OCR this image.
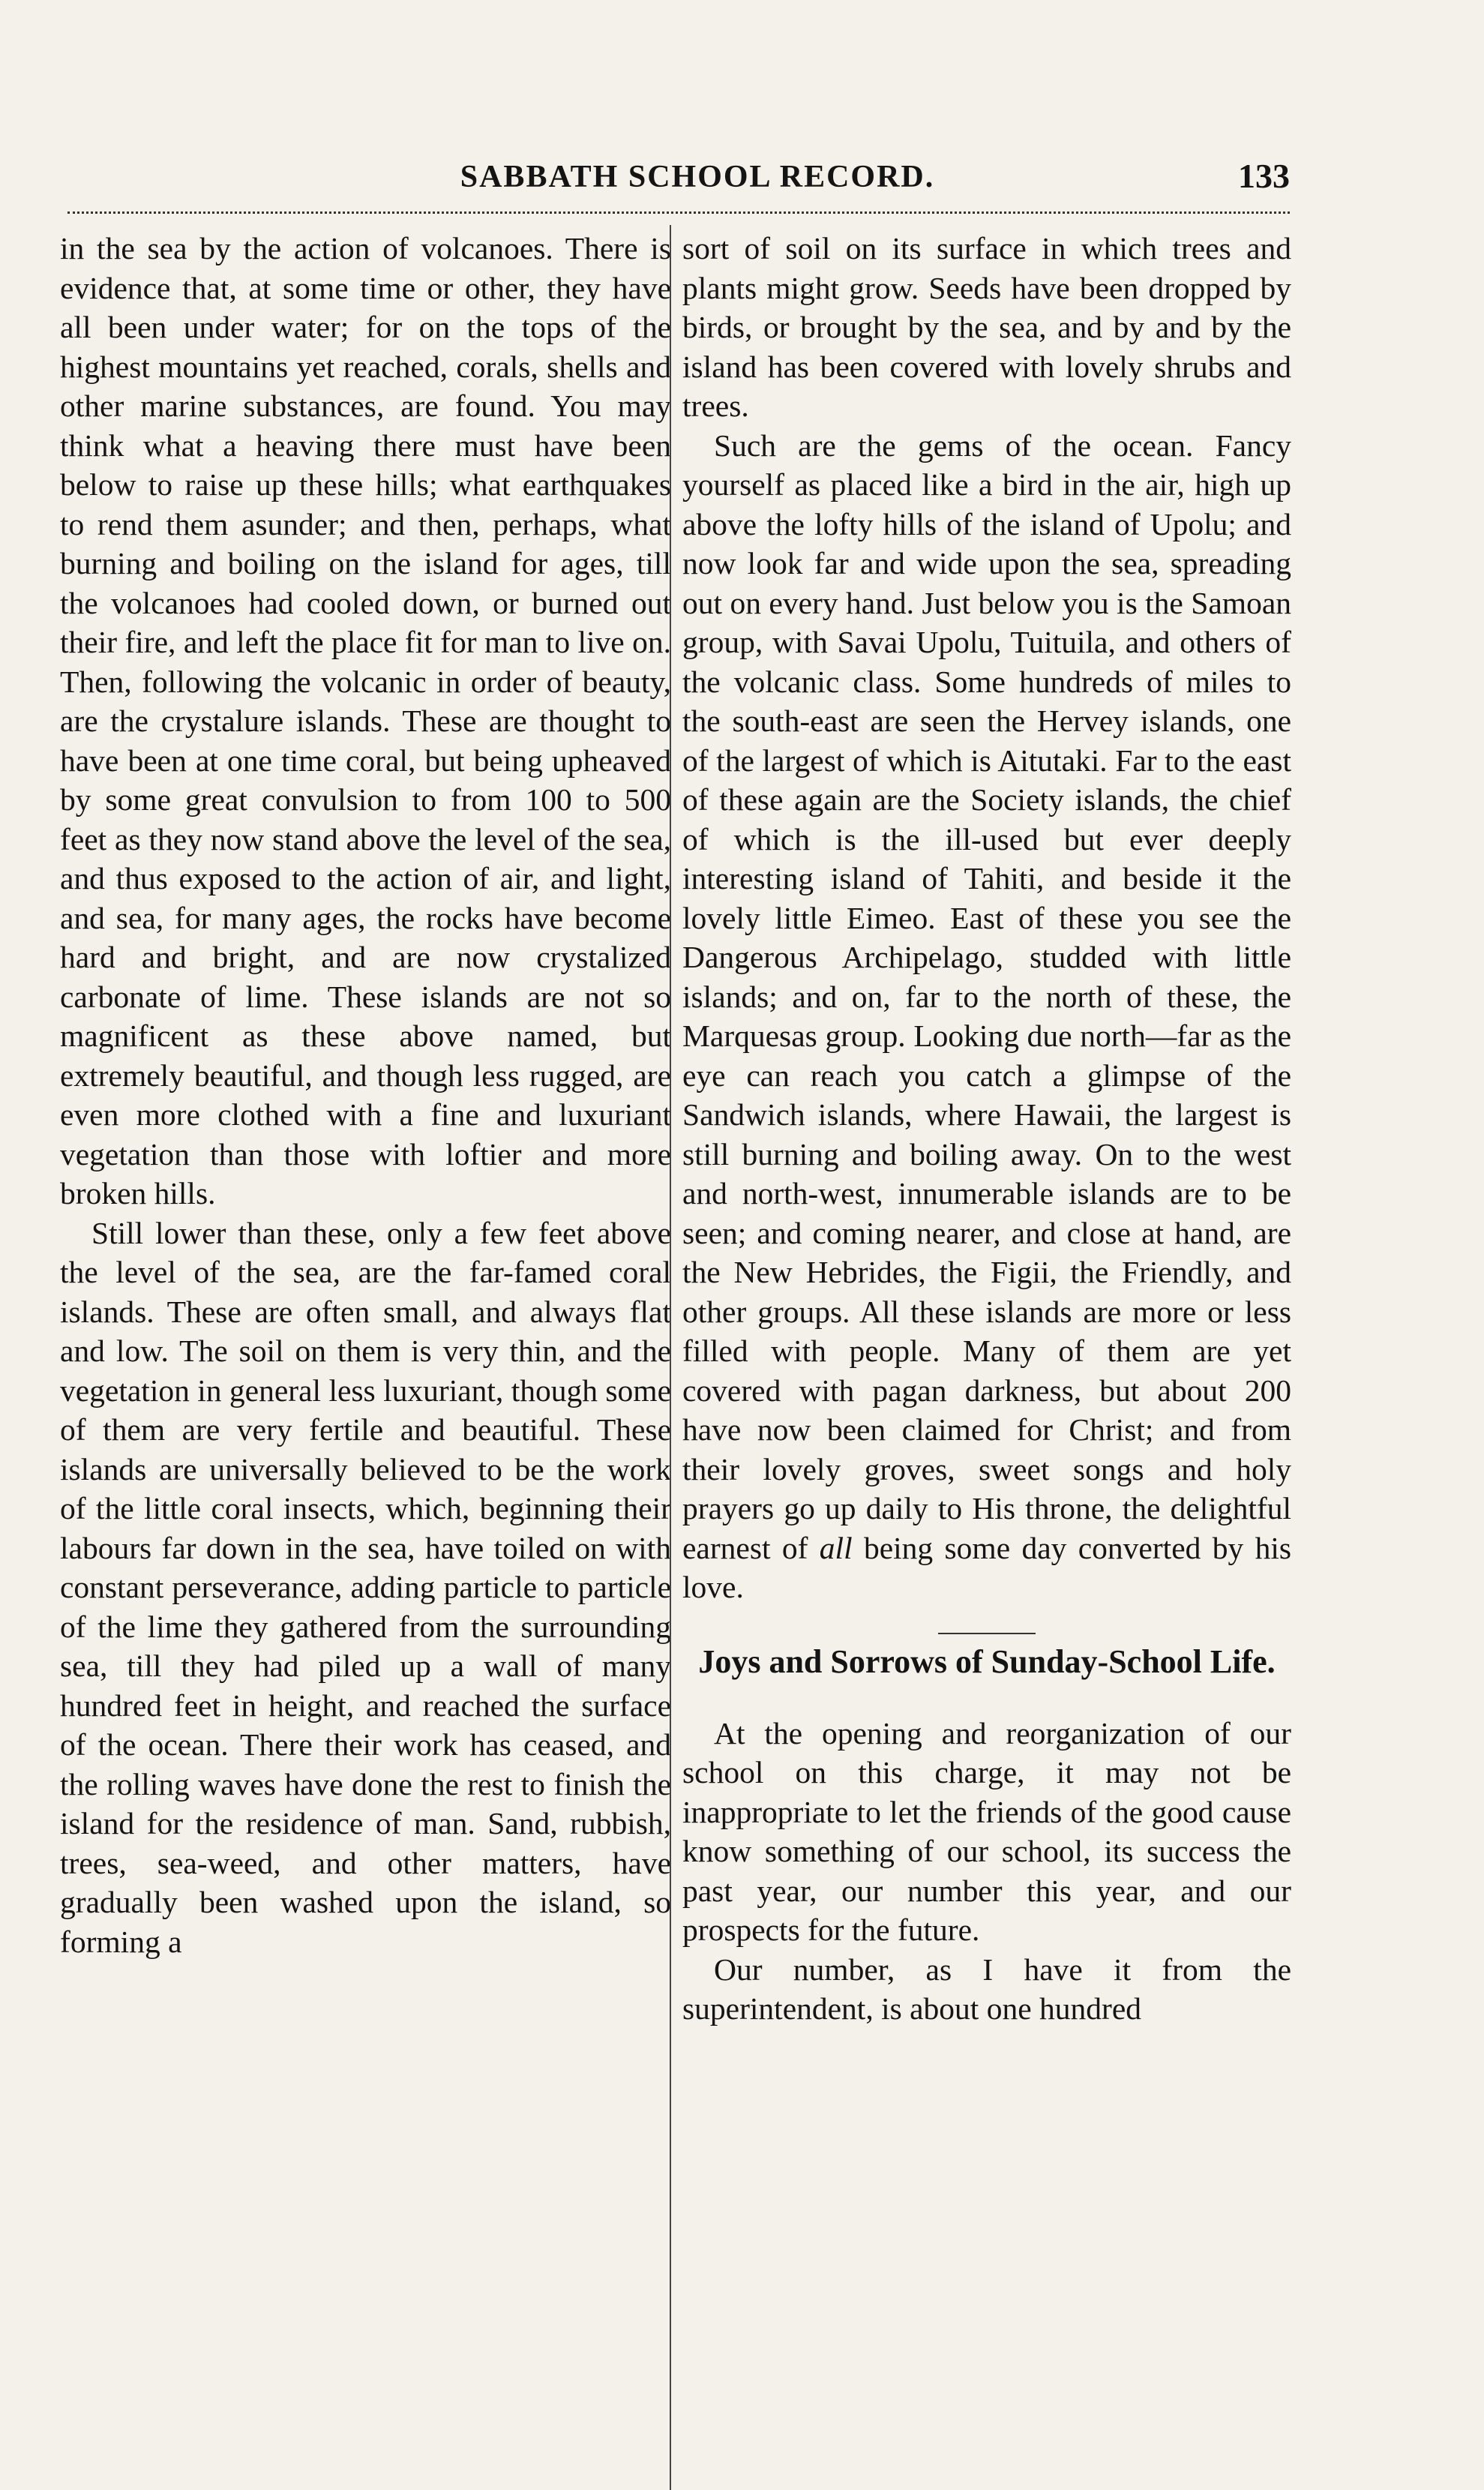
SABBATH SCHOOL RECORD.	133

in the sea by the action of volcanoes. There is evidence that, at some time or other, they have all been under water; for on the tops of the highest mountains yet reached, corals, shells and other marine substances, are found. You may think what a heaving there must have been below to raise up these hills; what earthquakes to rend them asunder; and then, perhaps, what burning and boiling on the island for ages, till the volcanoes had cooled down, or burned out their fire, and left the place fit for man to live on. Then, following the volcanic in order of beauty, are the crystalure islands. These are thought to have been at one time coral, but being upheaved by some great convulsion to from 100 to 500 feet as they now stand above the level of the sea, and thus exposed to the action of air, and light, and sea, for many ages, the rocks have become hard and bright, and are now crystalized carbonate of lime. These islands are not so magnificent as these above named, but extremely beautiful, and though less rugged, are even more clothed with a fine and luxuriant vegetation than those with loftier and more broken hills.

Still lower than these, only a few feet above the level of the sea, are the far-famed coral islands. These are often small, and always flat and low. The soil on them is very thin, and the vegetation in general less luxuriant, though some of them are very fertile and beautiful. These islands are universally believed to be the work of the little coral insects, which, beginning their labours far down in the sea, have toiled on with constant perseverance, adding particle to particle of the lime they gathered from the surrounding sea, till they had piled up a wall of many hundred feet in height, and reached the surface of the ocean. There their work has ceased, and the rolling waves have done the rest to finish the island for the residence of man. Sand, rubbish, trees, sea-weed, and other matters, have gradually been washed upon the island, so forming a

sort of soil on its surface in which trees and plants might grow. Seeds have been dropped by birds, or brought by the sea, and by and by the island has been covered with lovely shrubs and trees.

Such are the gems of the ocean. Fancy yourself as placed like a bird in the air, high up above the lofty hills of the island of Upolu; and now look far and wide upon the sea, spreading out on every hand. Just below you is the Samoan group, with Savai Upolu, Tuituila, and others of the volcanic class. Some hundreds of miles to the south-east are seen the Hervey islands, one of the largest of which is Aitutaki. Far to the east of these again are the Society islands, the chief of which is the ill-used but ever deeply interesting island of Tahiti, and beside it the lovely little Eimeo. East of these you see the Dangerous Archipelago, studded with little islands; and on, far to the north of these, the Marquesas group. Looking due north—far as the eye can reach you catch a glimpse of the Sandwich islands, where Hawaii, the largest is still burning and boiling away. On to the west and north-west, innumerable islands are to be seen; and coming nearer, and close at hand, are the New Hebrides, the Figii, the Friendly, and other groups. All these islands are more or less filled with people. Many of them are yet covered with pagan darkness, but about 200 have now been claimed for Christ; and from their lovely groves, sweet songs and holy prayers go up daily to His throne, the delightful earnest of all being some day converted by his love.

Joys and Sorrows of Sunday-School Life.

At the opening and reorganization of our school on this charge, it may not be inappropriate to let the friends of the good cause know something of our school, its success the past year, our number this year, and our prospects for the future.

Our number, as I have it from the superintendent, is about one hundred
